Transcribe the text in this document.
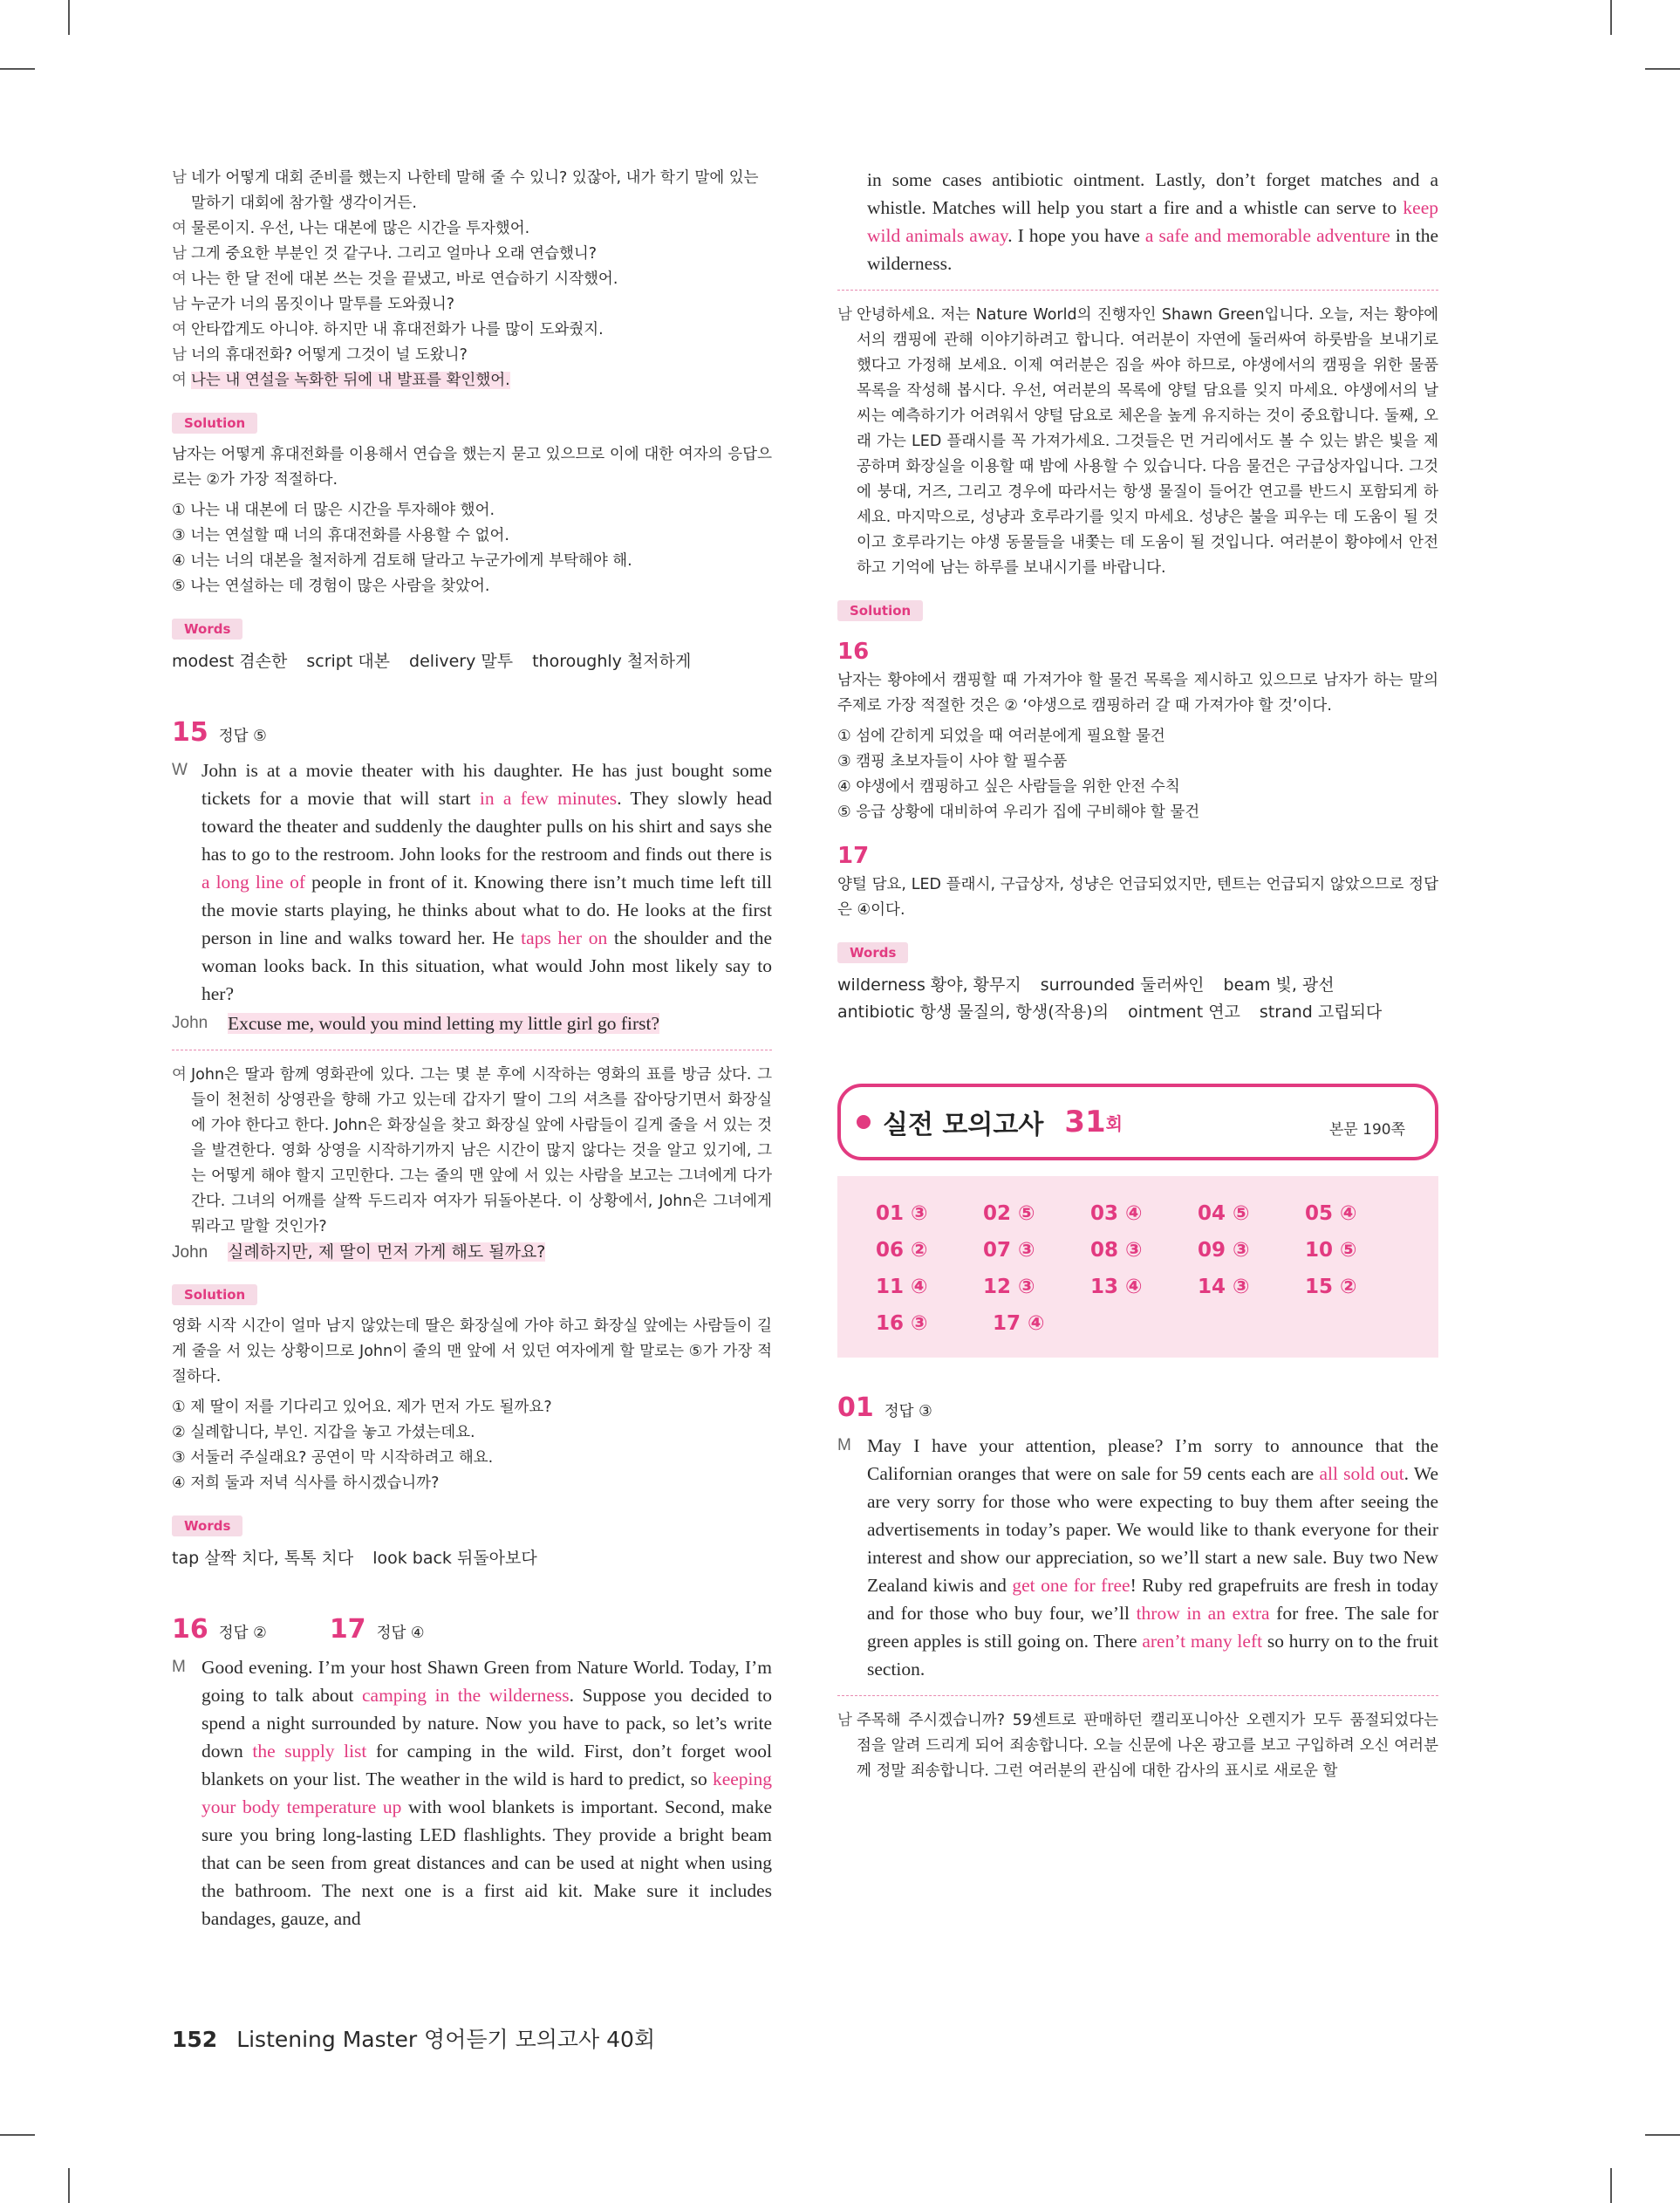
남 네가 어떻게 대회 준비를 했는지 나한테 말해 줄 수 있니? 있잖아, 내가 학기 말에 있는 말하기 대회에 참가할 생각이거든.
여 물론이지. 우선, 나는 대본에 많은 시간을 투자했어.
남 그게 중요한 부분인 것 같구나. 그리고 얼마나 오래 연습했니?
여 나는 한 달 전에 대본 쓰는 것을 끝냈고, 바로 연습하기 시작했어.
남 누군가 너의 몸짓이나 말투를 도와줬니?
여 안타깝게도 아니야. 하지만 내 휴대전화가 나를 많이 도와줬지.
남 너의 휴대전화? 어떻게 그것이 널 도왔니?
여 나는 내 연설을 녹화한 뒤에 내 발표를 확인했어.
Solution
남자는 어떻게 휴대전화를 이용해서 연습을 했는지 묻고 있으므로 이에 대한 여자의 응답으로는 ②가 가장 적절하다.
① 나는 내 대본에 더 많은 시간을 투자해야 했어.
③ 너는 연설할 때 너의 휴대전화를 사용할 수 없어.
④ 너는 너의 대본을 철저하게 검토해 달라고 누군가에게 부탁해야 해.
⑤ 나는 연설하는 데 경험이 많은 사람을 찾았어.
Words
modest 겸손한 script 대본 delivery 말투 thoroughly 철저하게
15 정답 ⑤
W John is at a movie theater with his daughter. He has just bought some tickets for a movie that will start in a few minutes. They slowly head toward the theater and suddenly the daughter pulls on his shirt and says she has to go to the restroom. John looks for the restroom and finds out there is a long line of people in front of it. Knowing there isn’t much time left till the movie starts playing, he thinks about what to do. He looks at the first person in line and walks toward her. He taps her on the shoulder and the woman looks back. In this situation, what would John most likely say to her?
John	Excuse me, would you mind letting my little girl go first?
여 John은 딸과 함께 영화관에 있다. 그는 몇 분 후에 시작하는 영화의 표를 방금 샀다. 그들이 천천히 상영관을 향해 가고 있는데 갑자기 딸이 그의 셔츠를 잡아당기면서 화장실에 가야 한다고 한다. John은 화장실을 찾고 화장실 앞에 사람들이 길게 줄을 서 있는 것을 발견한다. 영화 상영을 시작하기까지 남은 시간이 많지 않다는 것을 알고 있기에, 그는 어떻게 해야 할지 고민한다. 그는 줄의 맨 앞에 서 있는 사람을 보고는 그녀에게 다가간다. 그녀의 어깨를 살짝 두드리자 여자가 뒤돌아본다. 이 상황에서, John은 그녀에게 뭐라고 말할 것인가?
John	실례하지만, 제 딸이 먼저 가게 해도 될까요?
Solution
영화 시작 시간이 얼마 남지 않았는데 딸은 화장실에 가야 하고 화장실 앞에는 사람들이 길게 줄을 서 있는 상황이므로 John이 줄의 맨 앞에 서 있던 여자에게 할 말로는 ⑤가 가장 적절하다.
① 제 딸이 저를 기다리고 있어요. 제가 먼저 가도 될까요?
② 실례합니다, 부인. 지갑을 놓고 가셨는데요.
③ 서둘러 주실래요? 공연이 막 시작하려고 해요.
④ 저희 둘과 저녁 식사를 하시겠습니까?
Words
tap 살짝 치다, 톡톡 치다 look back 뒤돌아보다
16 정답 ② 17 정답 ④
M Good evening. I’m your host Shawn Green from Nature World. Today, I’m going to talk about camping in the wilderness. Suppose you decided to spend a night surrounded by nature. Now you have to pack, so let’s write down the supply list for camping in the wild. First, don’t forget wool blankets on your list. The weather in the wild is hard to predict, so keeping your body temperature up with wool blankets is important. Second, make sure you bring long-lasting LED flashlights. They provide a bright beam that can be seen from great distances and can be used at night when using the bathroom. The next one is a first aid kit. Make sure it includes bandages, gauze, and
in some cases antibiotic ointment. Lastly, don’t forget matches and a whistle. Matches will help you start a fire and a whistle can serve to keep wild animals away. I hope you have a safe and memorable adventure in the wilderness.
남 안녕하세요. 저는 Nature World의 진행자인 Shawn Green입니다. 오늘, 저는 황야에서의 캠핑에 관해 이야기하려고 합니다. 여러분이 자연에 둘러싸여 하룻밤을 보내기로 했다고 가정해 보세요. 이제 여러분은 짐을 싸야 하므로, 야생에서의 캠핑을 위한 물품 목록을 작성해 봅시다. 우선, 여러분의 목록에 양털 담요를 잊지 마세요. 야생에서의 날씨는 예측하기가 어려워서 양털 담요로 체온을 높게 유지하는 것이 중요합니다. 둘째, 오래 가는 LED 플래시를 꼭 가져가세요. 그것들은 먼 거리에서도 볼 수 있는 밝은 빛을 제공하며 화장실을 이용할 때 밤에 사용할 수 있습니다. 다음 물건은 구급상자입니다. 그것에 붕대, 거즈, 그리고 경우에 따라서는 항생 물질이 들어간 연고를 반드시 포함되게 하세요. 마지막으로, 성냥과 호루라기를 잊지 마세요. 성냥은 불을 피우는 데 도움이 될 것이고 호루라기는 야생 동물들을 내쫓는 데 도움이 될 것입니다. 여러분이 황야에서 안전하고 기억에 남는 하루를 보내시기를 바랍니다.
Solution
16
남자는 황야에서 캠핑할 때 가져가야 할 물건 목록을 제시하고 있으므로 남자가 하는 말의 주제로 가장 적절한 것은 ② ‘야생으로 캠핑하러 갈 때 가져가야 할 것’이다.
① 섬에 갇히게 되었을 때 여러분에게 필요할 물건
③ 캠핑 초보자들이 사야 할 필수품
④ 야생에서 캠핑하고 싶은 사람들을 위한 안전 수칙
⑤ 응급 상황에 대비하여 우리가 집에 구비해야 할 물건
17
양털 담요, LED 플래시, 구급상자, 성냥은 언급되었지만, 텐트는 언급되지 않았으므로 정답은 ④이다.
Words
wilderness 황야, 황무지 surrounded 둘러싸인 beam 빛, 광선
antibiotic 항생 물질의, 항생(작용)의 ointment 연고 strand 고립되다
실전 모의고사 31 회	본문 190쪽
01 ③	02 ⑤	03 ④	04 ⑤	05 ④
06 ②	07 ③	08 ③	09 ③	10 ⑤
11 ④	12 ③	13 ④	14 ③	15 ②
16 ③	17 ④
01 정답 ③
M May I have your attention, please? I’m sorry to announce that the Californian oranges that were on sale for 59 cents each are all sold out. We are very sorry for those who were expecting to buy them after seeing the advertisements in today’s paper. We would like to thank everyone for their interest and show our appreciation, so we’ll start a new sale. Buy two New Zealand kiwis and get one for free! Ruby red grapefruits are fresh in today and for those who buy four, we’ll throw in an extra for free. The sale for green apples is still going on. There aren’t many left so hurry on to the fruit section.
남 주목해 주시겠습니까? 59센트로 판매하던 캘리포니아산 오렌지가 모두 품절되었다는 점을 알려 드리게 되어 죄송합니다. 오늘 신문에 나온 광고를 보고 구입하려 오신 여러분께 정말 죄송합니다. 그런 여러분의 관심에 대한 감사의 표시로 새로운 할
152 Listening Master 영어듣기 모의고사 40회
